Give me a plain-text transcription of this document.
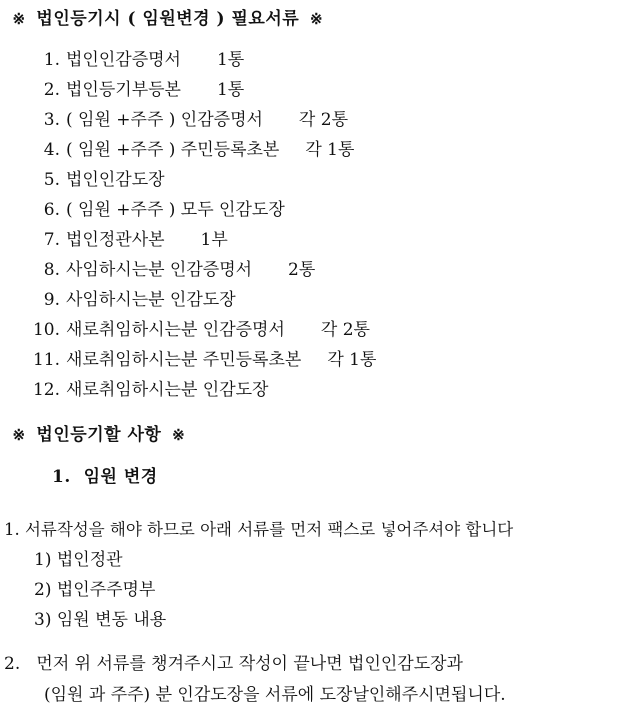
※ 법인등기시 ( 임원변경 ) 필요서류 ※
1. 법인인감증명서 1통
2. 법인등기부등본 1통
3. ( 임원 +주주 ) 인감증명서 각 2통
4. ( 임원 +주주 ) 주민등록초본 각 1통
5. 법인인감도장
6. ( 임원 +주주 ) 모두 인감도장
7. 법인정관사본 1부
8. 사임하시는분 인감증명서 2통
9. 사임하시는분 인감도장
10. 새로취임하시는분 인감증명서 각 2통
11. 새로취임하시는분 주민등록초본 각 1통
12. 새로취임하시는분 인감도장
※ 법인등기할 사항 ※
1. 임원 변경
1. 서류작성을 해야 하므로 아래 서류를 먼저 팩스로 넣어주셔야 합니다
1) 법인정관
2) 법인주주명부
3) 임원 변동 내용
2.   먼저 위 서류를 챙겨주시고 작성이 끝나면 법인인감도장과
(임원 과 주주) 분 인감도장을 서류에 도장날인해주시면됩니다.
